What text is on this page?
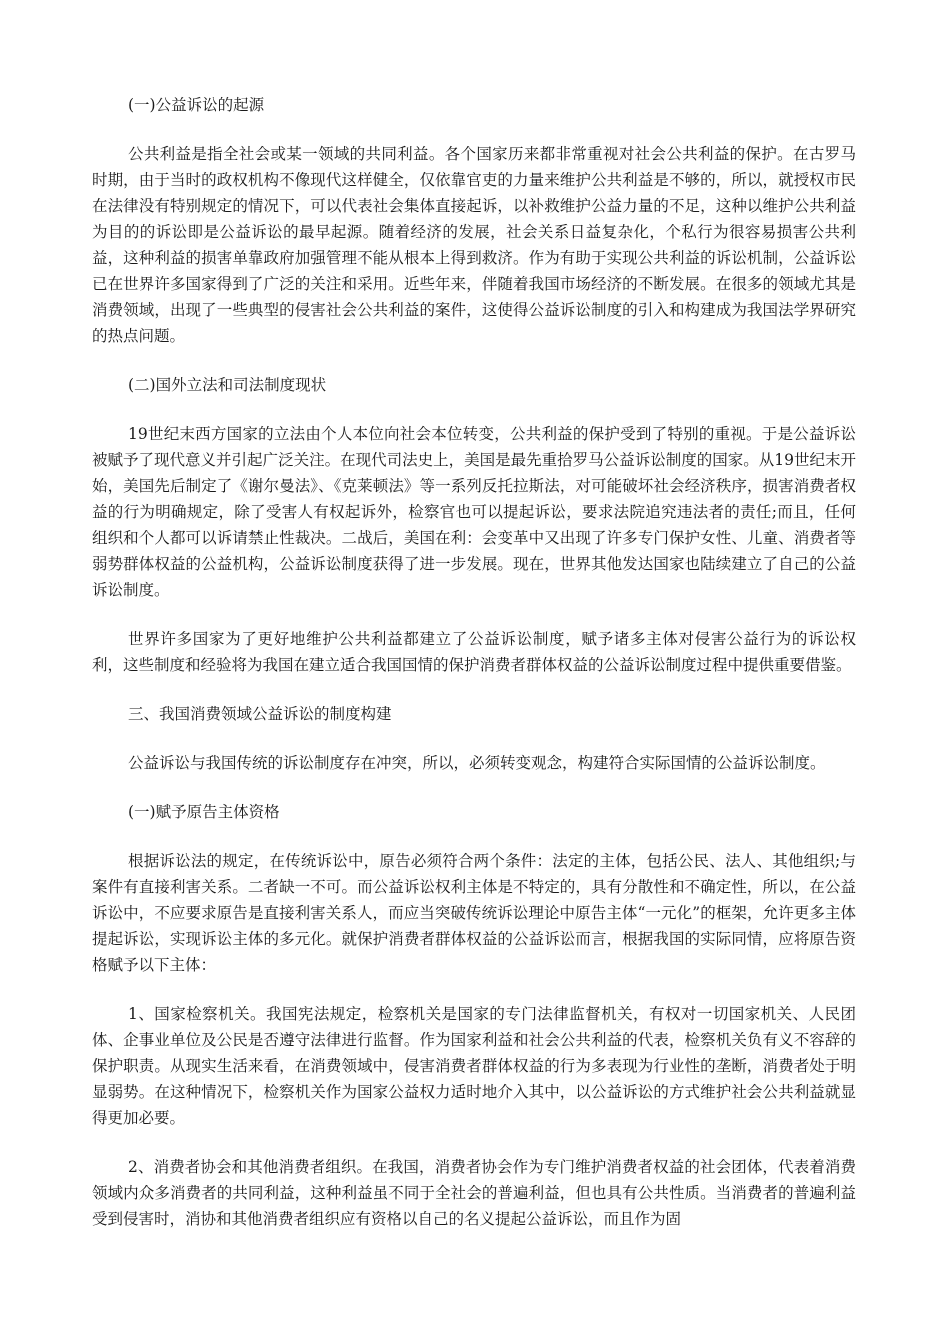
(一)公益诉讼的起源
公共利益是指全社会或某一领域的共同利益。各个国家历来都非常重视对社会公共利益的保护。在古罗马时期，由于当时的政权机构不像现代这样健全，仅依靠官吏的力量来维护公共利益是不够的，所以，就授权市民在法律没有特别规定的情况下，可以代表社会集体直接起诉，以补救维护公益力量的不足，这种以维护公共利益为目的的诉讼即是公益诉讼的最早起源。随着经济的发展，社会关系日益复杂化，个私行为很容易损害公共利益，这种利益的损害单靠政府加强管理不能从根本上得到救济。作为有助于实现公共利益的诉讼机制，公益诉讼已在世界许多国家得到了广泛的关注和采用。近些年来，伴随着我国市场经济的不断发展。在很多的领域尤其是消费领域，出现了一些典型的侵害社会公共利益的案件，这使得公益诉讼制度的引入和构建成为我国法学界研究的热点问题。
(二)国外立法和司法制度现状
19世纪末西方国家的立法由个人本位向社会本位转变，公共利益的保护受到了特别的重视。于是公益诉讼被赋予了现代意义并引起广泛关注。在现代司法史上，美国是最先重拾罗马公益诉讼制度的国家。从19世纪末开始，美国先后制定了《谢尔曼法》、《克莱顿法》等一系列反托拉斯法，对可能破坏社会经济秩序，损害消费者权益的行为明确规定，除了受害人有权起诉外，检察官也可以提起诉讼，要求法院追究违法者的责任;而且，任何组织和个人都可以诉请禁止性裁决。二战后，美国在利：会变革中又出现了许多专门保护女性、儿童、消费者等弱势群体权益的公益机构，公益诉讼制度获得了进一步发展。现在，世界其他发达国家也陆续建立了自己的公益诉讼制度。
世界许多国家为了更好地维护公共利益都建立了公益诉讼制度，赋予诸多主体对侵害公益行为的诉讼权利，这些制度和经验将为我国在建立适合我国国情的保护消费者群体权益的公益诉讼制度过程中提供重要借鉴。
三、我国消费领域公益诉讼的制度构建
公益诉讼与我国传统的诉讼制度存在冲突，所以，必须转变观念，构建符合实际国情的公益诉讼制度。
(一)赋予原告主体资格
根据诉讼法的规定，在传统诉讼中，原告必须符合两个条件：法定的主体，包括公民、法人、其他组织;与案件有直接利害关系。二者缺一不可。而公益诉讼权利主体是不特定的，具有分散性和不确定性，所以，在公益诉讼中，不应要求原告是直接利害关系人，而应当突破传统诉讼理论中原告主体“一元化”的框架，允许更多主体提起诉讼，实现诉讼主体的多元化。就保护消费者群体权益的公益诉讼而言，根据我国的实际同情，应将原告资格赋予以下主体：
1、国家检察机关。我国宪法规定，检察机关是国家的专门法律监督机关，有权对一切国家机关、人民团体、企事业单位及公民是否遵守法律进行监督。作为国家利益和社会公共利益的代表，检察机关负有义不容辞的保护职责。从现实生活来看，在消费领域中，侵害消费者群体权益的行为多表现为行业性的垄断，消费者处于明显弱势。在这种情况下，检察机关作为国家公益权力适时地介入其中，以公益诉讼的方式维护社会公共利益就显得更加必要。
2、消费者协会和其他消费者组织。在我国，消费者协会作为专门维护消费者权益的社会团体，代表着消费领域内众多消费者的共同利益，这种利益虽不同于全社会的普遍利益，但也具有公共性质。当消费者的普遍利益受到侵害时，消协和其他消费者组织应有资格以自己的名义提起公益诉讼，而且作为固
